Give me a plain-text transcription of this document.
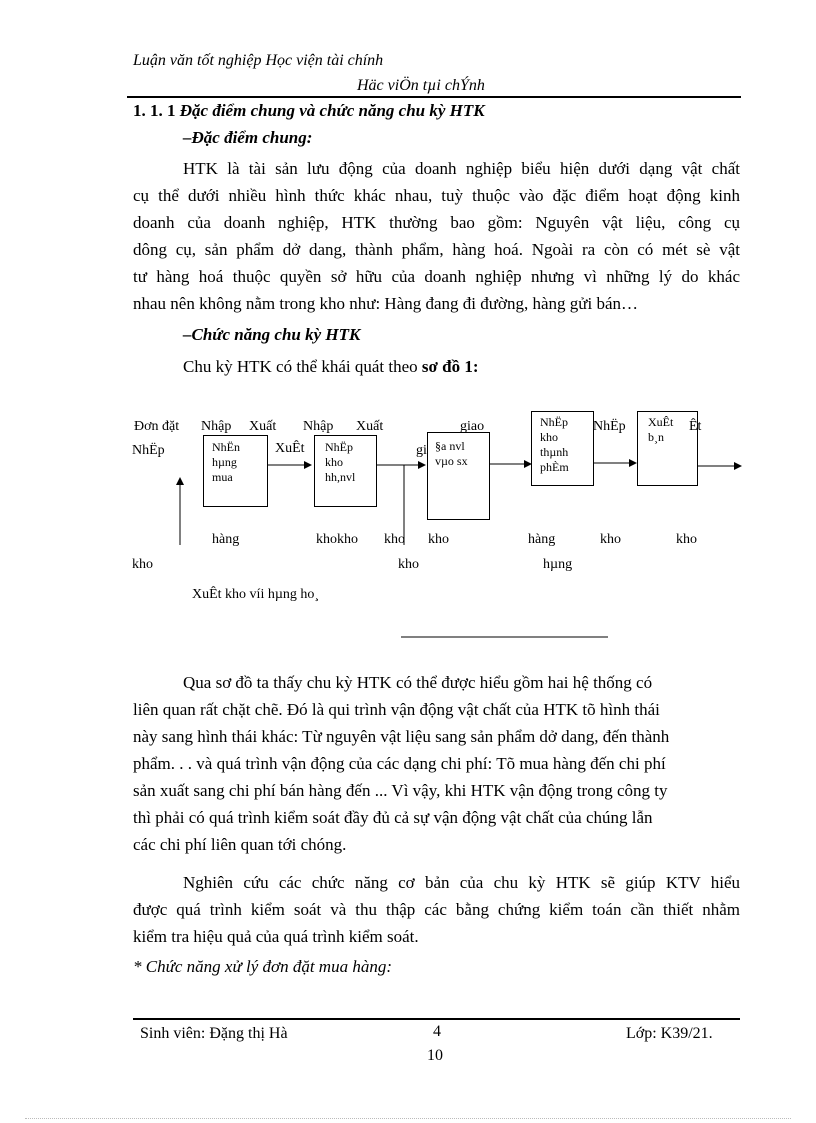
Luận văn tốt nghiệp Học viện tài chính
Häc viÖn tµi chÝnh
1. 1. 1 Đặc điểm chung và chức năng chu kỳ HTK
–Đặc điểm chung:
HTK là tài sản lưu động của doanh nghiệp biểu hiện dưới dạng vật chất
cụ thể dưới nhiều hình thức khác nhau, tuỳ thuộc vào đặc điểm hoạt động kinh
doanh của doanh nghiệp, HTK thường bao gồm: Nguyên vật liệu, công cụ
dông cụ, sản phẩm dở dang, thành phẩm, hàng hoá. Ngoài ra còn có mét sè vật
tư hàng hoá thuộc quyền sở hữu của doanh nghiệp nhưng vì những lý do khác
nhau nên không nằm trong kho như: Hàng đang đi đường, hàng gửi bán…
–Chức năng chu kỳ HTK
Chu kỳ HTK có thể khái quát theo sơ đồ 1:
NhËn
hµng
mua
NhËp
kho
hh,nvl
§a nvl
vµo sx
NhËp
kho
thµnh
phÈm
XuÊt
b¸n
Đơn đặt
NhËp
Nhập Xuất Nhập Xuất	giao
XuÊt	gi
NhËp	Êt
hàng	khokho kho kho	hàng	kho	kho
kho	kho	hµng
XuÊt kho víi hµng ho¸
Qua sơ đồ ta thấy chu kỳ HTK có thể được hiểu gồm hai hệ thống có
liên quan rất chặt chẽ. Đó là qui trình vận động vật chất của HTK tõ hình thái
này sang hình thái khác: Từ nguyên vật liệu sang sản phẩm dở dang, đến thành
phẩm. . . và quá trình vận động của các dạng chi phí: Tõ mua hàng đến chi phí
sản xuất sang chi phí bán hàng đến ... Vì vậy, khi HTK vận động trong công ty
thì phải có quá trình kiểm soát đầy đủ cả sự vận động vật chất của chúng lẫn
các chi phí liên quan tới chóng.
Nghiên cứu các chức năng cơ bản của chu kỳ HTK sẽ giúp KTV hiểu
được quá trình kiểm soát và thu thập các bằng chứng kiểm toán cần thiết nhằm
kiểm tra hiệu quả của quá trình kiểm soát.
* Chức năng xử lý đơn đặt mua hàng:
Sinh viên: Đặng thị Hà	4	Lớp: K39/21.
10
